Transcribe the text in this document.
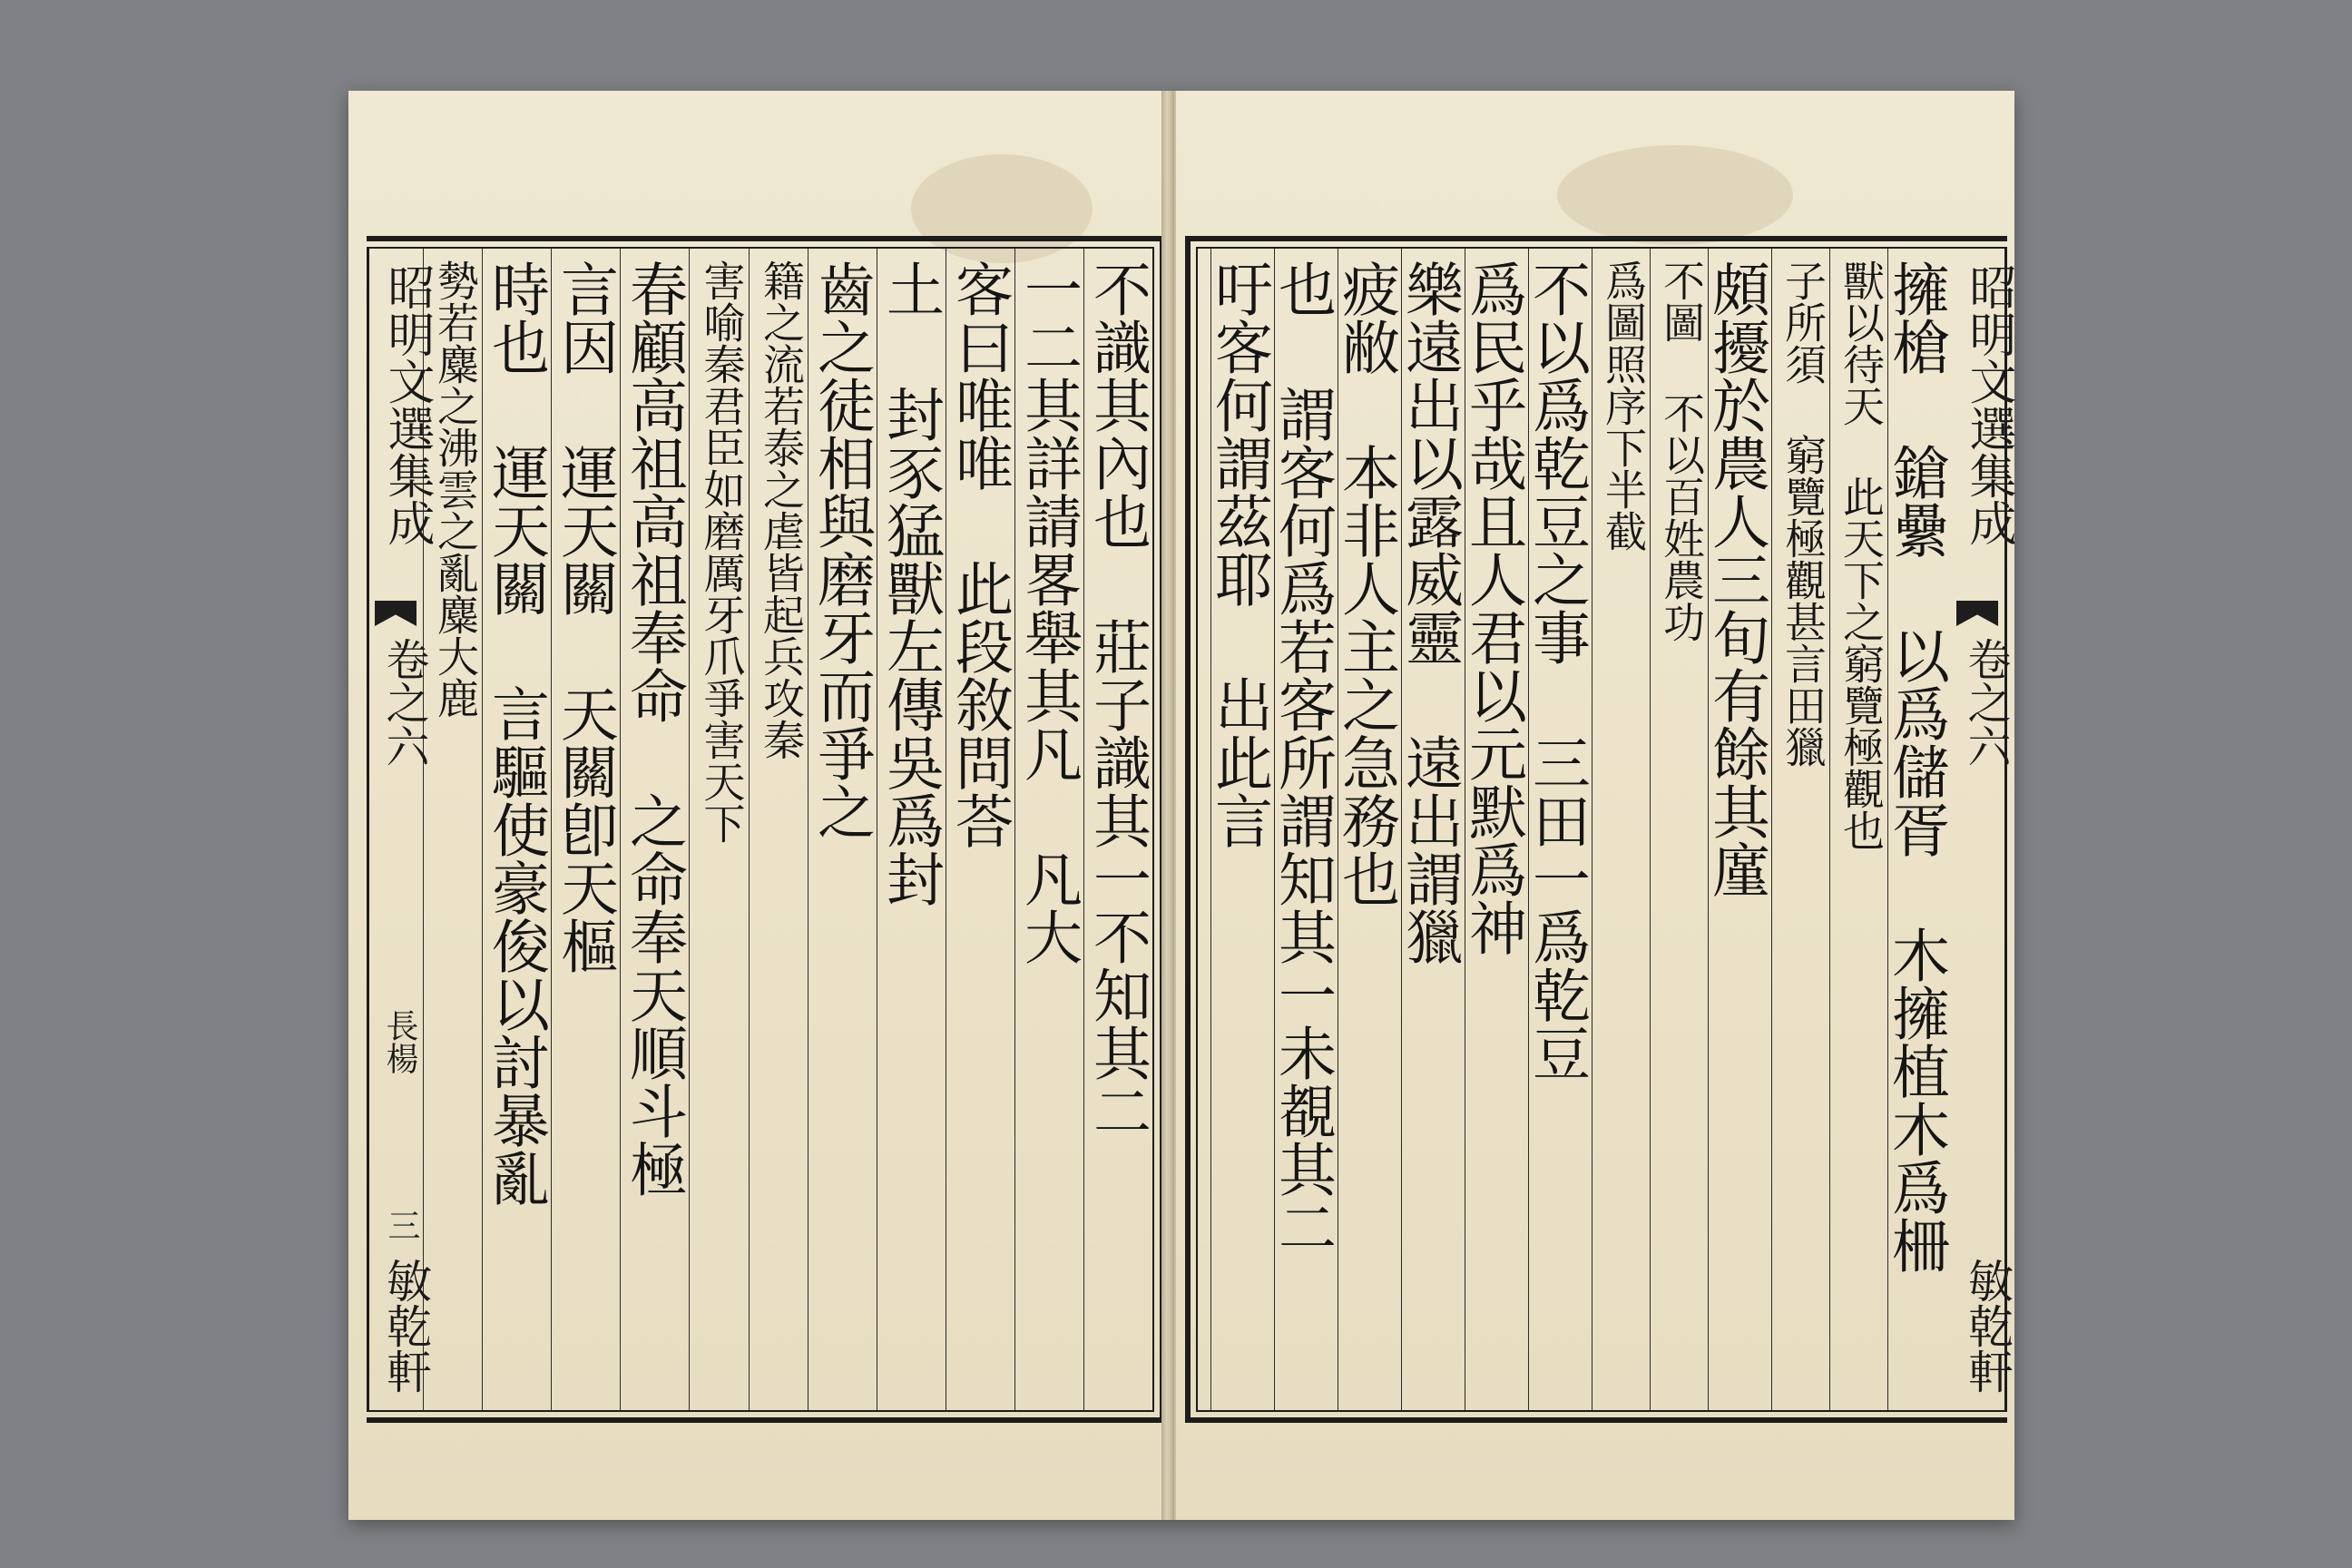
不識其內也 莊子識其一不知其二
一二其詳請畧舉其凡 凡大
客曰唯唯 此段敘問荅
土 封豕猛獸左傳吳爲封
齒之徒相與磨牙而爭之
籍之流若泰之虐皆起兵攻秦
害喻秦君臣如磨厲牙爪爭害天下
春顧高祖高祖奉命 之命奉天順斗極
言因 運天關 天關卽天樞
時也 運天關 言驅使豪俊以討暴亂
勢若麋之沸雲之亂麋大鹿
昭明文選集成
卷之六
長楊
三
敏乾軒
昭明文選集成
卷之六
敏乾軒
擁槍 鎗纍 以爲儲胥 木擁植木爲柵
獸以待天 此天下之窮覽極觀也
子所須 窮覽極觀甚言田獵
頗擾於農人三旬有餘其廑
不圖 不以百姓農功
爲圖照序下半截
不以爲乾豆之事 三田一爲乾豆
爲民乎哉且人君以元默爲神
樂遠出以露威靈 遠出謂獵
疲敝 本非人主之急務也
也 謂客何爲若客所謂知其一未覩其二
吁客何謂茲耶 出此言
